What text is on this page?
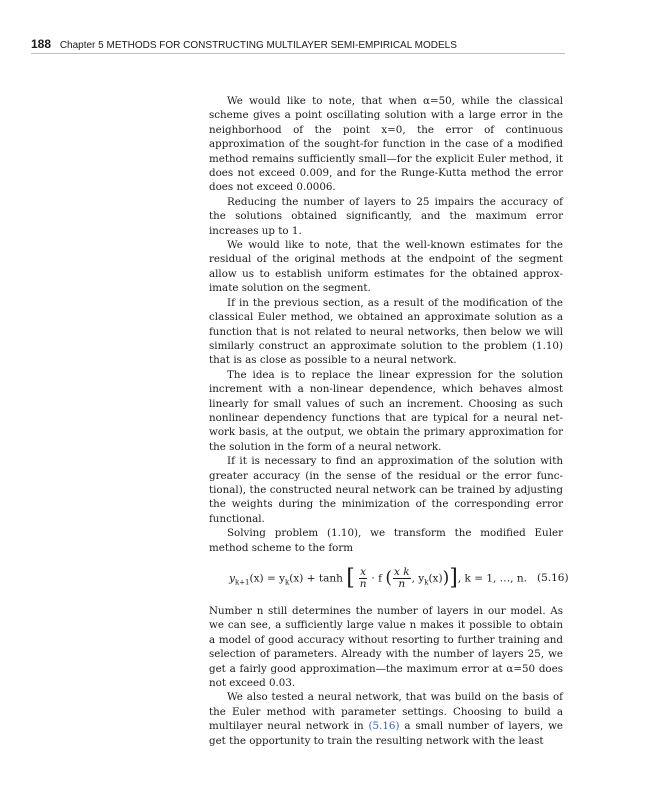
188 Chapter 5 METHODS FOR CONSTRUCTING MULTILAYER SEMI-EMPIRICAL MODELS

We would like to note, that when α=50, while the classical scheme gives a point oscillating solution with a large error in the neighborhood of the point x=0, the error of continuous approximation of the sought-for function in the case of a modified method remains sufficiently small—for the explicit Euler method, it does not exceed 0.009, and for the Runge-Kutta method the error does not exceed 0.0006.

Reducing the number of layers to 25 impairs the accuracy of the solutions obtained significantly, and the maximum error increases up to 1.

We would like to note, that the well-known estimates for the residual of the original methods at the endpoint of the segment allow us to establish uniform estimates for the obtained approximate solution on the segment.

If in the previous section, as a result of the modification of the classical Euler method, we obtained an approximate solution as a function that is not related to neural networks, then below we will similarly construct an approximate solution to the problem (1.10) that is as close as possible to a neural network.

The idea is to replace the linear expression for the solution increment with a non-linear dependence, which behaves almost linearly for small values of such an increment. Choosing as such nonlinear dependency functions that are typical for a neural network basis, at the output, we obtain the primary approximation for the solution in the form of a neural network.

If it is necessary to find an approximation of the solution with greater accuracy (in the sense of the residual or the error functional), the constructed neural network can be trained by adjusting the weights during the minimization of the corresponding error functional.

Solving problem (1.10), we transform the modified Euler method scheme to the form

$y_{k+1}(x) = y_k(x) + \tanh$ [ $\frac{x}{n} \cdot f$ ( $\frac{\text{x k}}{n}$ , $y_k(x)$)], k = 1, …, n. (5.16)

Number n still determines the number of layers in our model. As we can see, a sufficiently large value n makes it possible to obtain a model of good accuracy without resorting to further training and selection of parameters. Already with the number of layers 25, we get a fairly good approximation—the maximum error at α=50 does not exceed 0.03.

We also tested a neural network, that was build on the basis of the Euler method with parameter settings. Choosing to build a multilayer neural network in (5.16) a small number of layers, we get the opportunity to train the resulting network with the least
